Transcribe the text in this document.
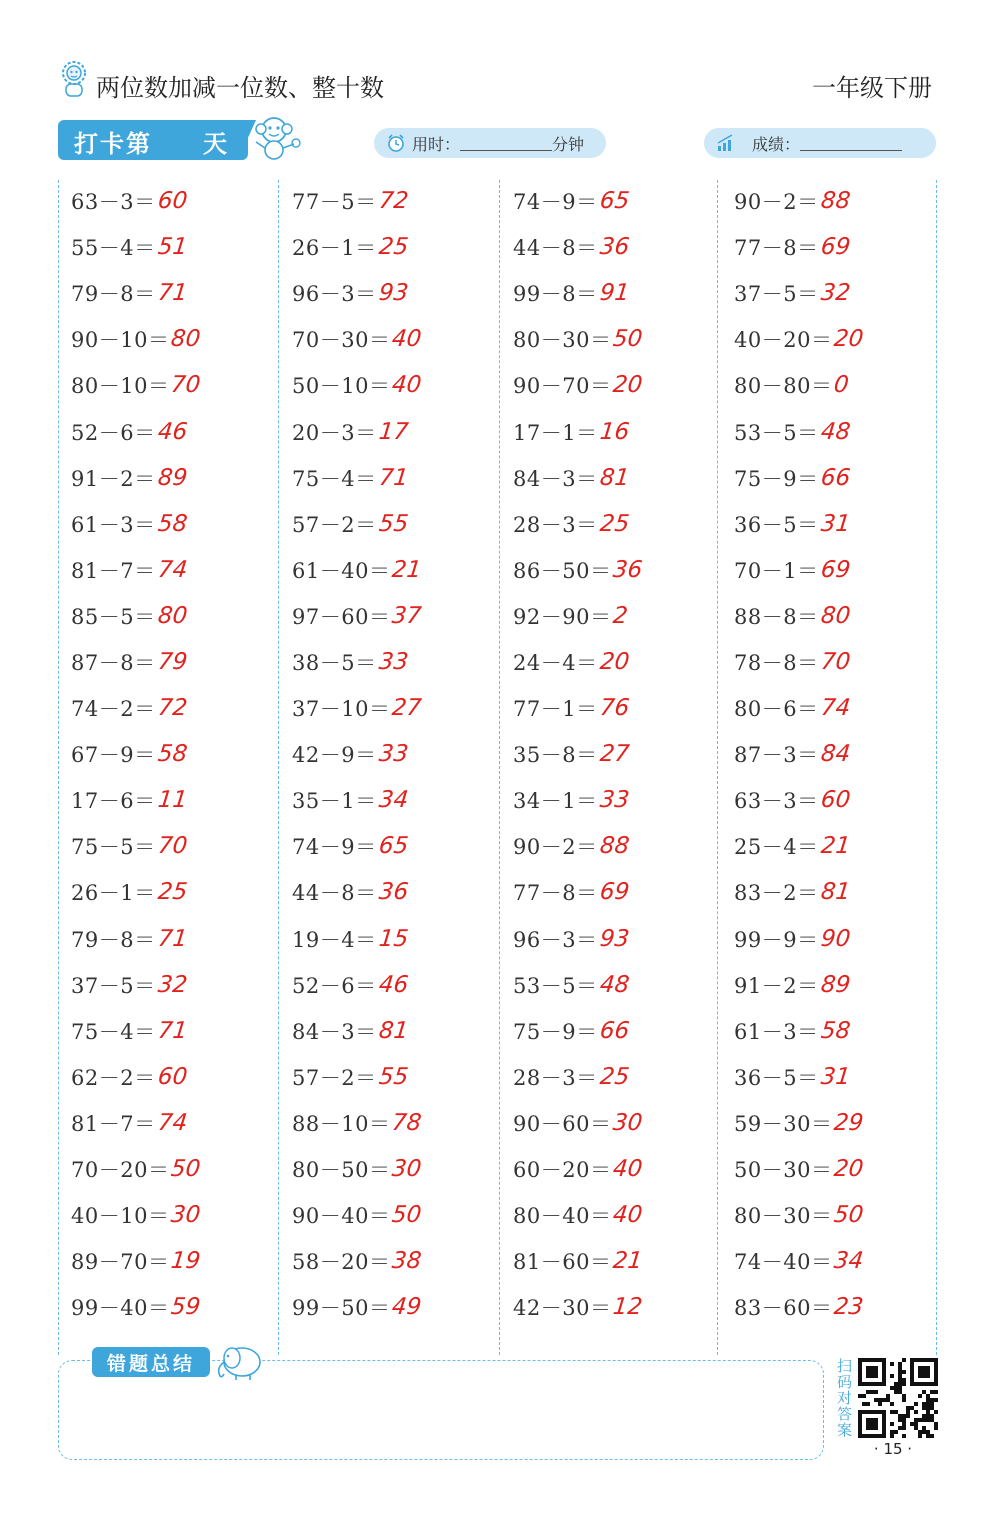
两位数加减一位数、整十数	一年级下册
打卡第 天	用时：	分钟	成绩：
63－3＝ 60
55－4＝ 51
79－8＝ 71
90－10＝ 80
80－10＝ 70
52－6＝ 46
91－2＝ 89
61－3＝ 58
81－7＝ 74
85－5＝ 80
87－8＝ 79
74－2＝ 72
67－9＝ 58
17－6＝ 11
75－5＝ 70
26－1＝ 25
79－8＝ 71
37－5＝ 32
75－4＝ 71
62－2＝ 60
81－7＝ 74
70－20＝ 50
40－10＝ 30
89－70＝ 19
99－40＝ 59
77－5＝ 72
26－1＝ 25
96－3＝ 93
70－30＝ 40
50－10＝ 40
20－3＝ 17
75－4＝ 71
57－2＝ 55
61－40＝ 21
97－60＝ 37
38－5＝ 33
37－10＝ 27
42－9＝ 33
35－1＝ 34
74－9＝ 65
44－8＝ 36
19－4＝ 15
52－6＝ 46
84－3＝ 81
57－2＝ 55
88－10＝ 78
80－50＝ 30
90－40＝ 50
58－20＝ 38
99－50＝ 49
74－9＝ 65
44－8＝ 36
99－8＝ 91
80－30＝ 50
90－70＝ 20
17－1＝ 16
84－3＝ 81
28－3＝ 25
86－50＝ 36
92－90＝ 2
24－4＝ 20
77－1＝ 76
35－8＝ 27
34－1＝ 33
90－2＝ 88
77－8＝ 69
96－3＝ 93
53－5＝ 48
75－9＝ 66
28－3＝ 25
90－60＝ 30
60－20＝ 40
80－40＝ 40
81－60＝ 21
42－30＝ 12
90－2＝ 88
77－8＝ 69
37－5＝ 32
40－20＝ 20
80－80＝ 0
53－5＝ 48
75－9＝ 66
36－5＝ 31
70－1＝ 69
88－8＝ 80
78－8＝ 70
80－6＝ 74
87－3＝ 84
63－3＝ 60
25－4＝ 21
83－2＝ 81
99－9＝ 90
91－2＝ 89
61－3＝ 58
36－5＝ 31
59－30＝ 29
50－30＝ 20
80－30＝ 50
74－40＝ 34
83－60＝ 23
错题总结	扫码对答案
· 15 ·
